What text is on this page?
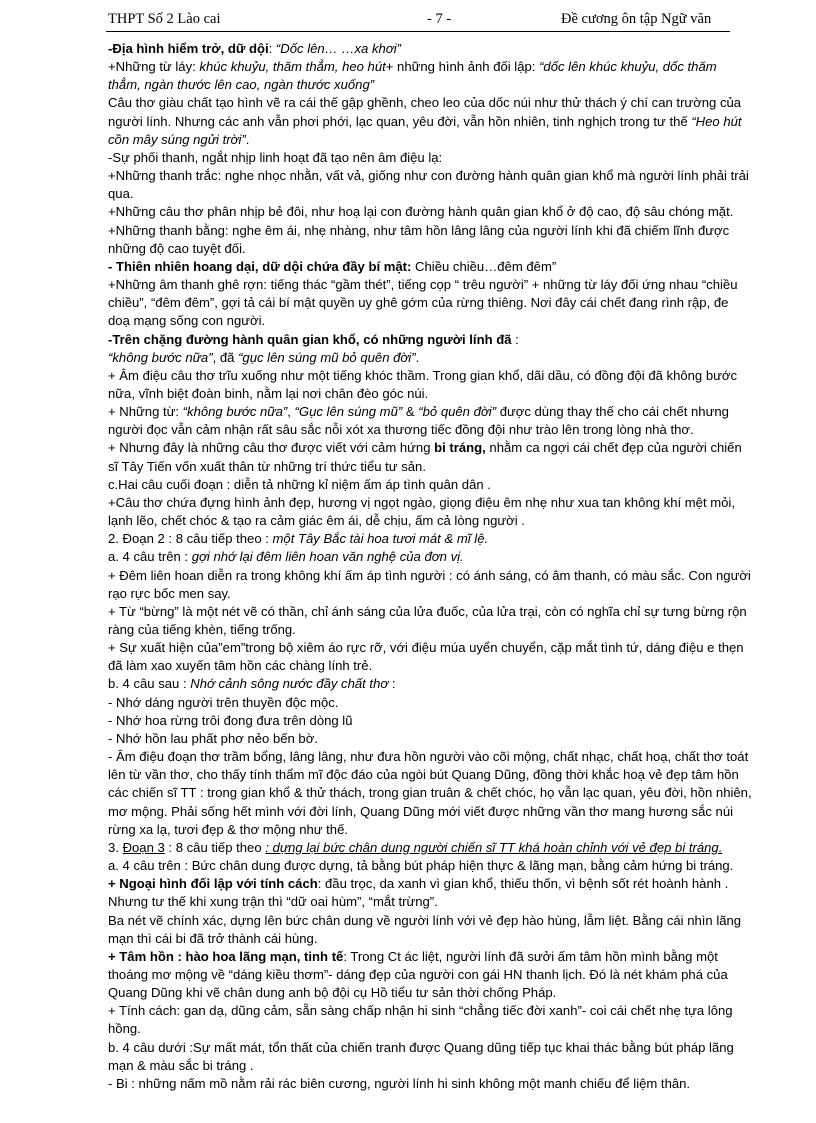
THPT Số 2 Lào cai	- 7 -	Đề cương ôn tập Ngữ văn

-Địa hình hiểm trở, dữ dội: “Dốc lên… …xa khơi”

+Những từ láy: khúc khuỷu, thăm thẳm, heo hút+ những hình ảnh đối lập: “dốc lên khúc khuỷu, dốc thăm thẳm, ngàn thước lên cao, ngàn thước xuống”

Câu thơ giàu chất tạo hình vẽ ra cái thế gập ghềnh, cheo leo của dốc núi như thử thách ý chí can trường của người lính. Nhưng các anh vẫn phơi phới, lạc quan, yêu đời, vẫn hồn nhiên, tinh nghịch trong tư thế “Heo hút cồn mây súng ngửi trời”.

-Sự phối thanh, ngắt nhịp linh hoạt đã tạo nên âm điệu lạ:

+Những thanh trắc: nghe nhọc nhằn, vất vả, giống như con đường hành quân gian khổ mà người lính phải trải qua.

+Những câu thơ phân nhịp bẻ đôi, như hoạ lại con đường hành quân gian khổ ở độ cao, độ sâu chóng mặt.

+Những thanh bằng: nghe êm ái, nhẹ nhàng, như tâm hồn lâng lâng của người lính khi đã chiếm lĩnh được những độ cao tuyệt đối.

- Thiên nhiên hoang dại, dữ dội chứa đầy bí mật: Chiều chiều…đêm đêm”

+Những âm thanh ghê rợn: tiếng thác “gầm thét”, tiếng cọp “ trêu người” + những từ láy đối ứng nhau “chiều chiều”, “đêm đêm”, gợi tả cái bí mật quyền uy ghê gớm của rừng thiêng. Nơi đây cái chết đang rình rập, đe doạ mạng sống con người.

-Trên chặng đường hành quân gian khổ, có những người lính đã :

“không bước nữa”, đã “gục lên súng mũ bỏ quên đời”.

+ Âm điệu câu thơ trĩu xuống như một tiếng khóc thầm. Trong gian khổ, dãi dầu, có đồng đội đã không bước nữa, vĩnh biệt đoàn binh, nằm lại nơi chân đèo góc núi.

+ Những từ: “không bước nữa”, “Gục lên súng mũ” & “bỏ quên đời” được dùng thay thế cho cái chết nhưng người đọc vẫn cảm nhận rất sâu sắc nỗi xót xa thương tiếc đồng đội như trào lên trong lòng nhà thơ.

+ Nhưng đây là những câu thơ được viết với cảm hứng bi tráng, nhằm ca ngợi cái chết đẹp của người chiến sĩ Tây Tiến vốn xuất thân từ những trí thức tiểu tư sản.

c.Hai câu cuối đoạn : diễn tả những kỉ niệm ấm áp tình quân dân .

+Câu thơ chứa đựng hình ảnh đẹp, hương vị ngọt ngào, giọng điệu êm nhẹ như xua tan không khí mệt mỏi, lạnh lẽo, chết chóc & tạo ra cảm giác êm ái, dễ chịu, ấm cả lòng người .

2. Đoạn 2 : 8 câu tiếp theo : một Tây Bắc tài hoa tươi mát & mĩ lệ.

a. 4 câu trên : gợi nhớ lại đêm liên hoan văn nghệ của đơn vị.

+ Đêm liên hoan diễn ra trong không khí ấm áp tình người : có ánh sáng, có âm thanh, có màu sắc. Con người rạo rực bốc men say.

+ Từ “bừng” là một nét vẽ có thần, chỉ ánh sáng của lửa đuốc, của lửa trại, còn có nghĩa chỉ sự tưng bừng rộn ràng của tiếng khèn, tiếng trống.

+ Sự xuất hiện của”em”trong bộ xiêm áo rực rỡ, với điệu múa uyển chuyển, cặp mắt tình tứ, dáng điệu e thẹn đã làm xao xuyến tâm hồn các chàng lính trẻ.

b. 4 câu sau : Nhớ cảnh sông nước đầy chất thơ :

- Nhớ dáng người trên thuyền độc mộc.

- Nhớ hoa rừng trôi đong đưa trên dòng lũ

- Nhớ hồn lau phất phơ nẻo bến bờ.

- Âm điệu đoạn thơ trầm bổng, lâng lâng, như đưa hồn người vào cõi mộng, chất nhạc, chất hoạ, chất thơ toát lên từ vần thơ, cho thấy tính thẩm mĩ độc đáo của ngòi bút Quang Dũng, đồng thời khắc hoạ vẻ đẹp tâm hồn các chiến sĩ TT : trong gian khổ & thử thách, trong gian truân & chết chóc, họ vẫn lạc quan, yêu đời, hồn nhiên, mơ mộng. Phải sống hết mình với đời lính, Quang Dũng mới viết được những vần thơ mang hương sắc núi rừng xa lạ, tươi đẹp & thơ mộng như thế.

3. Đoạn 3 : 8 câu tiếp theo : dựng lại bức chân dung người chiến sĩ TT khá hoàn chỉnh với vẻ đẹp bi tráng.

a. 4 câu trên : Bức chân dung được dựng, tả bằng bút pháp hiện thực & lãng mạn, bằng cảm hứng bi tráng.

+ Ngoại hình đối lập với tính cách: đầu trọc, da xanh vì gian khổ, thiếu thốn, vì bệnh sốt rét hoành hành . Nhưng tư thế khi xung trận thì “dữ oai hùm”, “mắt trừng”.

Ba nét vẽ chính xác, dựng lên bức chân dung về người lính với vẻ đẹp hào hùng, lẫm liệt. Bằng cái nhìn lãng mạn thì cái bi đã trở thành cái hùng.

+ Tâm hồn : hào hoa lãng mạn, tinh tế: Trong Ct ác liệt, người lính đã sưởi ấm tâm hồn mình bằng một thoáng mơ mộng về “dáng kiều thơm”- dáng đẹp của người con gái HN thanh lịch. Đó là nét khám phá của Quang Dũng khi vẽ chân dung anh bộ đội cụ Hồ tiểu tư sản thời chống Pháp.

+ Tính cách: gan dạ, dũng cảm, sẵn sàng chấp nhận hi sinh “chẳng tiếc đời xanh”- coi cái chết nhẹ tựa lông hồng.

b. 4 câu dưới :Sự mất mát, tổn thất của chiến tranh được Quang dũng tiếp tục khai thác bằng bút pháp lãng mạn & màu sắc bi tráng .

- Bi : những nấm mồ nằm rải rác biên cương, người lính hi sinh không một manh chiếu để liệm thân.
